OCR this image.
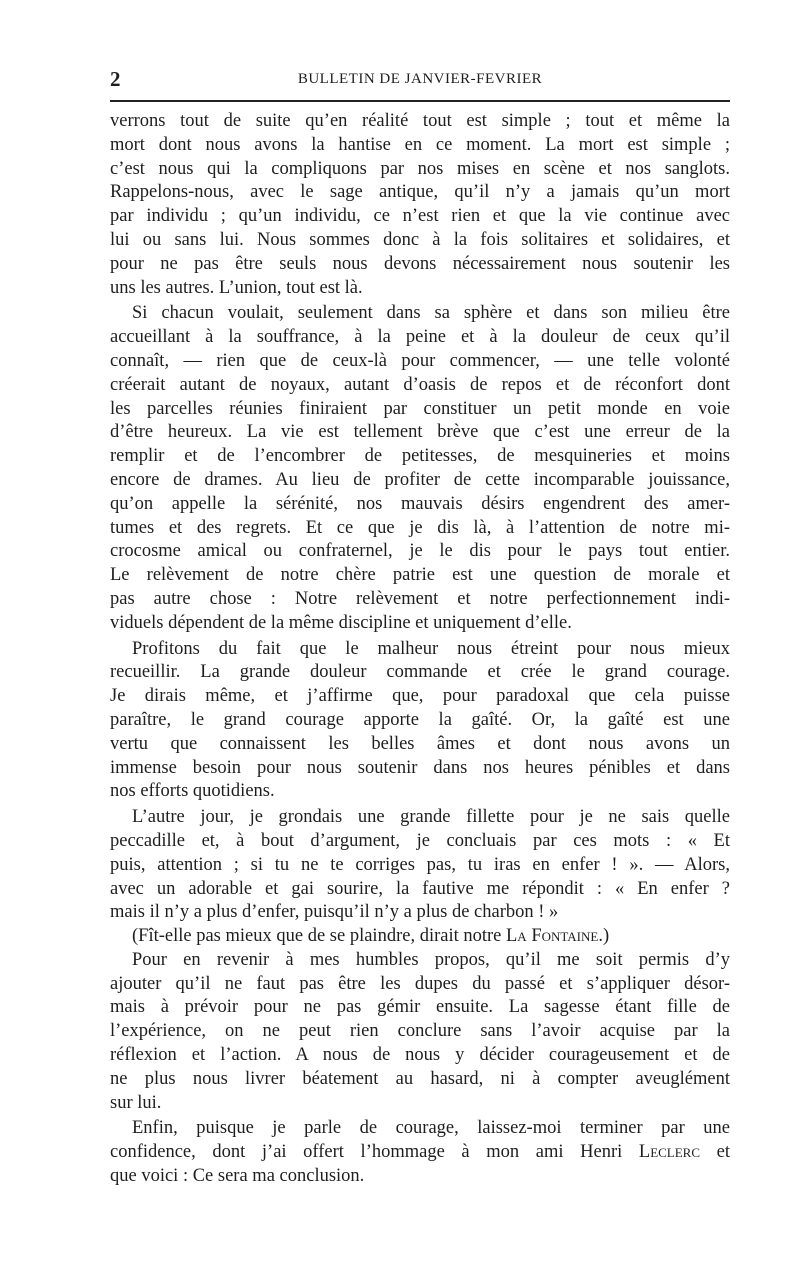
2	BULLETIN DE JANVIER-FEVRIER
verrons tout de suite qu’en réalité tout est simple ; tout et même la
mort dont nous avons la hantise en ce moment. La mort est simple ;
c’est nous qui la compliquons par nos mises en scène et nos sanglots.
Rappelons-nous, avec le sage antique, qu’il n’y a jamais qu’un mort
par individu ; qu’un individu, ce n’est rien et que la vie continue avec
lui ou sans lui. Nous sommes donc à la fois solitaires et solidaires, et
pour ne pas être seuls nous devons nécessairement nous soutenir les
uns les autres. L’union, tout est là.
Si chacun voulait, seulement dans sa sphère et dans son milieu être
accueillant à la souffrance, à la peine et à la douleur de ceux qu’il
connaît, — rien que de ceux-là pour commencer, — une telle volonté
créerait autant de noyaux, autant d’oasis de repos et de réconfort dont
les parcelles réunies finiraient par constituer un petit monde en voie
d’être heureux. La vie est tellement brève que c’est une erreur de la
remplir et de l’encombrer de petitesses, de mesquineries et moins
encore de drames. Au lieu de profiter de cette incomparable jouissance,
qu’on appelle la sérénité, nos mauvais désirs engendrent des amer-
tumes et des regrets. Et ce que je dis là, à l’attention de notre mi-
crocosme amical ou confraternel, je le dis pour le pays tout entier.
Le relèvement de notre chère patrie est une question de morale et
pas autre chose : Notre relèvement et notre perfectionnement indi-
viduels dépendent de la même discipline et uniquement d’elle.
Profitons du fait que le malheur nous étreint pour nous mieux
recueillir. La grande douleur commande et crée le grand courage.
Je dirais même, et j’affirme que, pour paradoxal que cela puisse
paraître, le grand courage apporte la gaîté. Or, la gaîté est une
vertu que connaissent les belles âmes et dont nous avons un
immense besoin pour nous soutenir dans nos heures pénibles et dans
nos efforts quotidiens.
L’autre jour, je grondais une grande fillette pour je ne sais quelle
peccadille et, à bout d’argument, je concluais par ces mots : « Et
puis, attention ; si tu ne te corriges pas, tu iras en enfer ! ». — Alors,
avec un adorable et gai sourire, la fautive me répondit : « En enfer ?
mais il n’y a plus d’enfer, puisqu’il n’y a plus de charbon ! »
(Fît-elle pas mieux que de se plaindre, dirait notre La Fontaine.)
Pour en revenir à mes humbles propos, qu’il me soit permis d’y
ajouter qu’il ne faut pas être les dupes du passé et s’appliquer désor-
mais à prévoir pour ne pas gémir ensuite. La sagesse étant fille de
l’expérience, on ne peut rien conclure sans l’avoir acquise par la
réflexion et l’action. A nous de nous y décider courageusement et de
ne plus nous livrer béatement au hasard, ni à compter aveuglément
sur lui.
Enfin, puisque je parle de courage, laissez-moi terminer par une
confidence, dont j’ai offert l’hommage à mon ami Henri Leclerc et
que voici : Ce sera ma conclusion.
